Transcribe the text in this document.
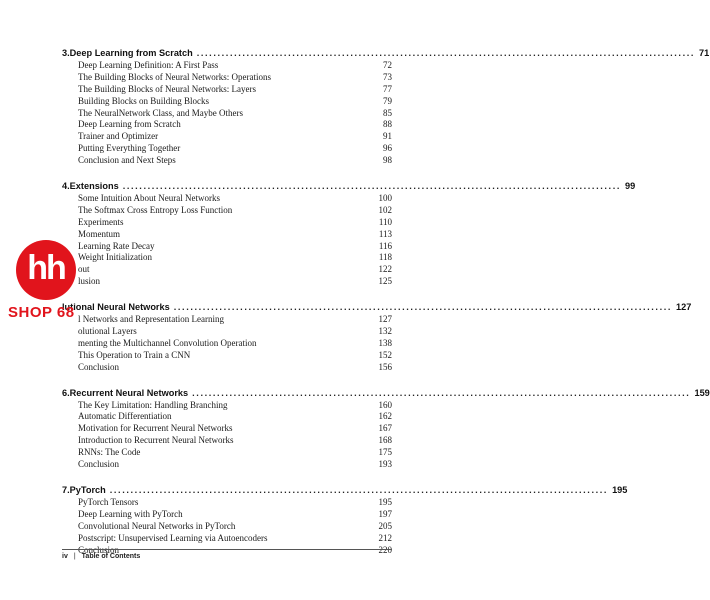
3. Deep Learning from Scratch ........................................................................................................................ 71
Deep Learning Definition: A First Pass	72
The Building Blocks of Neural Networks: Operations	73
The Building Blocks of Neural Networks: Layers	77
Building Blocks on Building Blocks	79
The NeuralNetwork Class, and Maybe Others	85
Deep Learning from Scratch	88
Trainer and Optimizer	91
Putting Everything Together	96
Conclusion and Next Steps	98
4. Extensions ........................................................................................................................ 99
Some Intuition About Neural Networks	100
The Softmax Cross Entropy Loss Function	102
Experiments	110
Momentum	113
Learning Rate Decay	116
Weight Initialization	118
out	122
lusion	125
lutional Neural Networks ........................................................................................................................ 127
l Networks and Representation Learning	127
olutional Layers	132
menting the Multichannel Convolution Operation	138
This Operation to Train a CNN	152
Conclusion	156
6. Recurrent Neural Networks ........................................................................................................................ 159
The Key Limitation: Handling Branching	160
Automatic Differentiation	162
Motivation for Recurrent Neural Networks	167
Introduction to Recurrent Neural Networks	168
RNNs: The Code	175
Conclusion	193
7. PyTorch ........................................................................................................................ 195
PyTorch Tensors	195
Deep Learning with PyTorch	197
Convolutional Neural Networks in PyTorch	205
Postscript: Unsupervised Learning via Autoencoders	212
Conclusion	220
iv | Table of Contents
hh
SHOP 68
